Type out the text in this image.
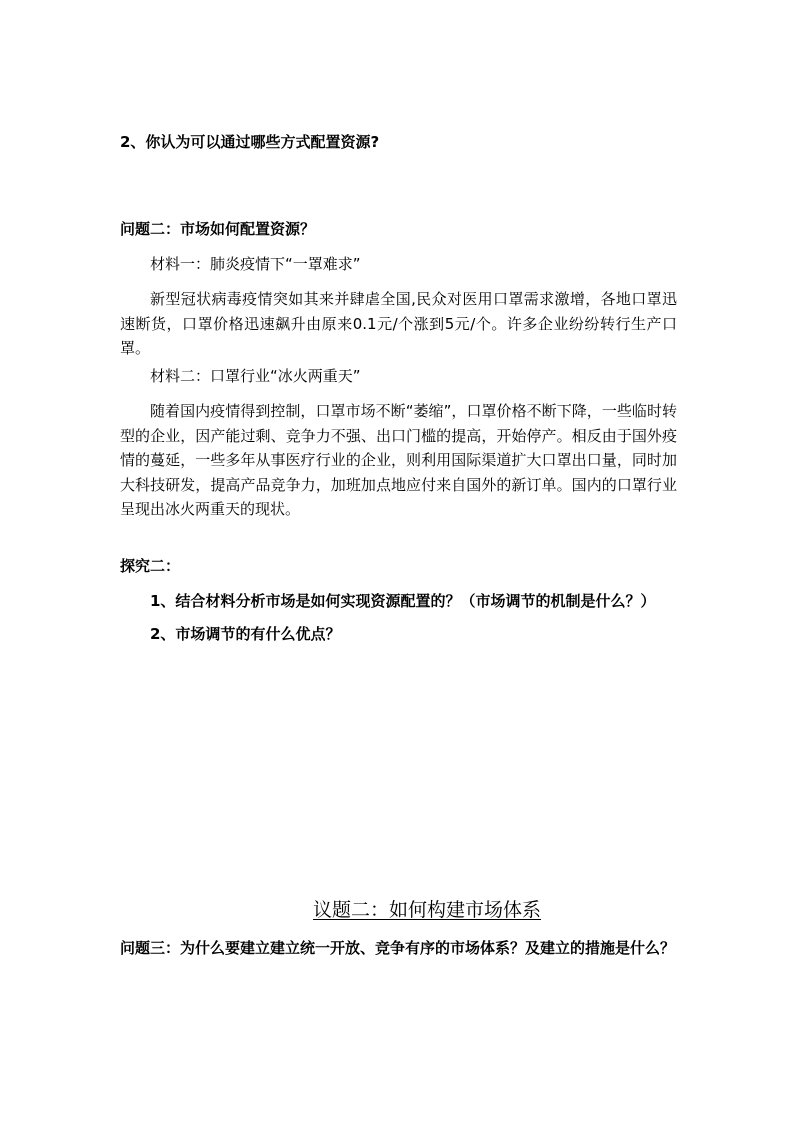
2、你认为可以通过哪些方式配置资源?
问题二：市场如何配置资源？
材料一：肺炎疫情下“一罩难求”
新型冠状病毒疫情突如其来并肆虐全国,民众对医用口罩需求激增，各地口罩迅速断货，口罩价格迅速飙升由原来0.1元/个涨到5元/个。许多企业纷纷转行生产口罩。
材料二：口罩行业“冰火两重天”
随着国内疫情得到控制，口罩市场不断“萎缩”，口罩价格不断下降，一些临时转型的企业，因产能过剩、竞争力不强、出口门槛的提高，开始停产。相反由于国外疫情的蔓延，一些多年从事医疗行业的企业，则利用国际渠道扩大口罩出口量，同时加大科技研发，提高产品竞争力，加班加点地应付来自国外的新订单。国内的口罩行业呈现出冰火两重天的现状。
探究二：
1、结合材料分析市场是如何实现资源配置的？（市场调节的机制是什么？）
2、市场调节的有什么优点？
议题二：如何构建市场体系
问题三：为什么要建立建立统一开放、竞争有序的市场体系？及建立的措施是什么？
